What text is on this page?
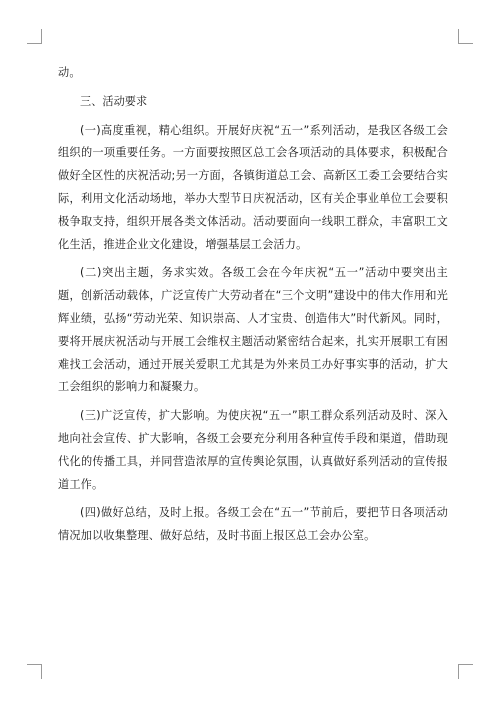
动。

三、活动要求

(一)高度重视，精心组织。开展好庆祝“五一”系列活动，是我区各级工会组织的一项重要任务。一方面要按照区总工会各项活动的具体要求，积极配合做好全区性的庆祝活动;另一方面，各镇街道总工会、高新区工委工会要结合实际，利用文化活动场地，举办大型节日庆祝活动，区有关企事业单位工会要积极争取支持，组织开展各类文体活动。活动要面向一线职工群众，丰富职工文化生活，推进企业文化建设，增强基层工会活力。

(二)突出主题，务求实效。各级工会在今年庆祝“五一”活动中要突出主题，创新活动载体，广泛宣传广大劳动者在“三个文明”建设中的伟大作用和光辉业绩，弘扬“劳动光荣、知识崇高、人才宝贵、创造伟大”时代新风。同时，要将开展庆祝活动与开展工会维权主题活动紧密结合起来，扎实开展职工有困难找工会活动，通过开展关爱职工尤其是为外来员工办好事实事的活动，扩大工会组织的影响力和凝聚力。

(三)广泛宣传，扩大影响。为使庆祝“五一”职工群众系列活动及时、深入地向社会宣传、扩大影响，各级工会要充分利用各种宣传手段和渠道，借助现代化的传播工具，并同营造浓厚的宣传舆论氛围，认真做好系列活动的宣传报道工作。

(四)做好总结，及时上报。各级工会在“五一”节前后，要把节日各项活动情况加以收集整理、做好总结，及时书面上报区总工会办公室。
